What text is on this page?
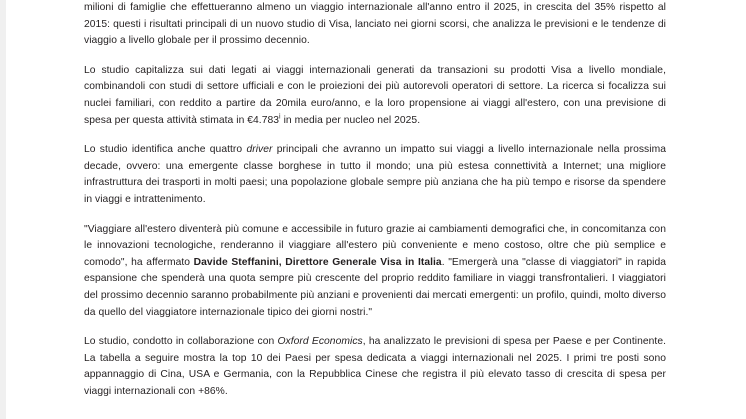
milioni di famiglie che effettueranno almeno un viaggio internazionale all'anno entro il 2025, in crescita del 35% rispetto al 2015: questi i risultati principali di un nuovo studio di Visa, lanciato nei giorni scorsi, che analizza le previsioni e le tendenze di viaggio a livello globale per il prossimo decennio.

Lo studio capitalizza sui dati legati ai viaggi internazionali generati da transazioni su prodotti Visa a livello mondiale, combinandoli con studi di settore ufficiali e con le proiezioni dei più autorevoli operatori di settore. La ricerca si focalizza sui nuclei familiari, con reddito a partire da 20mila euro/anno, e la loro propensione ai viaggi all'estero, con una previsione di spesa per questa attività stimata in €4.783$^i$ in media per nucleo nel 2025.

Lo studio identifica anche quattro driver principali che avranno un impatto sui viaggi a livello internazionale nella prossima decade, ovvero: una emergente classe borghese in tutto il mondo; una più estesa connettività a Internet; una migliore infrastruttura dei trasporti in molti paesi; una popolazione globale sempre più anziana che ha più tempo e risorse da spendere in viaggi e intrattenimento.

"Viaggiare all'estero diventerà più comune e accessibile in futuro grazie ai cambiamenti demografici che, in concomitanza con le innovazioni tecnologiche, renderanno il viaggiare all'estero più conveniente e meno costoso, oltre che più semplice e comodo", ha affermato Davide Steffanini, Direttore Generale Visa in Italia. "Emergerà una "classe di viaggiatori" in rapida espansione che spenderà una quota sempre più crescente del proprio reddito familiare in viaggi transfrontalieri. I viaggiatori del prossimo decennio saranno probabilmente più anziani e provenienti dai mercati emergenti: un profilo, quindi, molto diverso da quello del viaggiatore internazionale tipico dei giorni nostri."

Lo studio, condotto in collaborazione con Oxford Economics, ha analizzato le previsioni di spesa per Paese e per Continente. La tabella a seguire mostra la top 10 dei Paesi per spesa dedicata a viaggi internazionali nel 2025. I primi tre posti sono appannaggio di Cina, USA e Germania, con la Repubblica Cinese che registra il più elevato tasso di crescita di spesa per viaggi internazionali con +86%.
